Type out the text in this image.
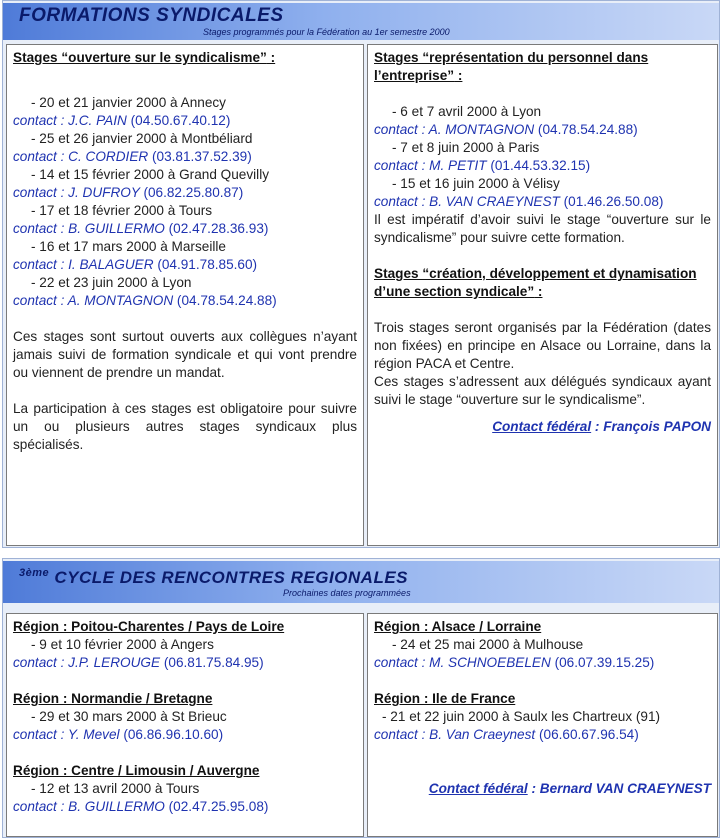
FORMATIONS SYNDICALES
Stages programmés pour la Fédération au 1er semestre 2000
Stages “ouverture sur le syndicalisme” :
- 20 et 21 janvier 2000 à Annecy
contact : J.C. PAIN (04.50.67.40.12)
- 25 et 26 janvier 2000 à Montbéliard
contact : C. CORDIER (03.81.37.52.39)
- 14 et 15 février 2000 à Grand Quevilly
contact : J. DUFROY (06.82.25.80.87)
- 17 et 18 février 2000 à Tours
contact : B. GUILLERMO (02.47.28.36.93)
- 16 et 17 mars 2000 à Marseille
contact : I. BALAGUER (04.91.78.85.60)
- 22 et 23 juin 2000 à Lyon
contact : A. MONTAGNON (04.78.54.24.88)
Ces stages sont surtout ouverts aux collègues n’ayant jamais suivi de formation syndicale et qui vont prendre ou viennent de prendre un mandat.
La participation à ces stages est obligatoire pour suivre un ou plusieurs autres stages syndicaux plus spécialisés.
Stages “représentation du personnel dans l’entreprise” :
- 6 et 7 avril 2000 à Lyon
contact : A. MONTAGNON (04.78.54.24.88)
- 7 et 8 juin 2000 à Paris
contact : M. PETIT (01.44.53.32.15)
- 15 et 16 juin 2000 à Vélisy
contact : B. VAN CRAEYNEST (01.46.26.50.08)
Il est impératif d’avoir suivi le stage “ouverture sur le syndicalisme” pour suivre cette formation.
Stages “création, développement et dynamisation d’une section syndicale” :
Trois stages seront organisés par la Fédération (dates non fixées) en principe en Alsace ou Lorraine, dans la région PACA et Centre.
Ces stages s’adressent aux délégués syndicaux ayant suivi le stage “ouverture sur le syndicalisme”.
Contact fédéral : François PAPON
$^{3ème}$ CYCLE DES RENCONTRES REGIONALES
Prochaines dates programmées
Région : Poitou-Charentes / Pays de Loire
- 9 et 10 février 2000 à Angers
contact : J.P. LEROUGE (06.81.75.84.95)
Région : Normandie / Bretagne
- 29 et 30 mars 2000 à St Brieuc
contact : Y. Mevel (06.86.96.10.60)
Région : Centre / Limousin / Auvergne
- 12 et 13 avril 2000 à Tours
contact : B. GUILLERMO (02.47.25.95.08)
Région : Alsace / Lorraine
- 24 et 25 mai 2000 à Mulhouse
contact : M. SCHNOEBELEN (06.07.39.15.25)
Région : Ile de France
- 21 et 22 juin 2000 à Saulx les Chartreux (91)
contact : B. Van Craeynest (06.60.67.96.54)
Contact fédéral : Bernard VAN CRAEYNEST
